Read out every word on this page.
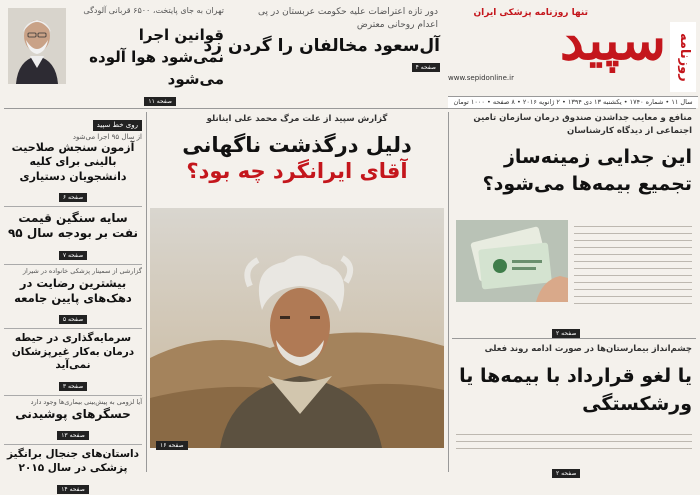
روزنامه
سپید
تنها روزنامه پزشکی ایران
www.sepidonline.ir
سال ۱۱ • شماره ۱۷۴۰ • یکشنبه ۱۳ دی ۱۳۹۴ • ۲ ژانویه ۲۰۱۶ • ۸ صفحه • ۱۰۰۰ تومان
دور تازه اعتراضات علیه حکومت عربستان در پی اعدام روحانی معترض
آل‌سعود مخالفان را گردن زد
صفحه ۴
تهران به جای پایتخت، ۶۵۰۰ قربانی آلودگی
قوانین اجرا نمی‌شود هوا آلوده می‌شود
صفحه ۱۱
منافع و معایب جداشدن صندوق درمان سازمان تامین اجتماعی از دیدگاه کارشناسان
این جدایی زمینه‌ساز تجمیع بیمه‌ها می‌شود؟
صفحه ۲
چشم‌انداز بیمارستان‌ها در صورت ادامه روند فعلی
یا لغو قرارداد با بیمه‌ها یا ورشکستگی
صفحه ۲
گزارش سپید از علت مرگ محمد علی اینانلو
دلیل درگذشت ناگهانی
آقای ایرانگرد چه بود؟
صفحه ۱۶
روی خط سپید
از سال ۹۵ اجرا می‌شود
آزمون سنجش صلاحیت بالینی برای کلیه دانشجویان دستیاری
صفحه ۶
سایه سنگین قیمت نفت بر بودجه سال ۹۵
صفحه ۷
گزارشی از سمینار پزشکی خانواده در شیراز
بیشترین رضایت در دهک‌های پایین جامعه
صفحه ۵
سرمایه‌گذاری در حیطه درمان به‌کار غیرپزشکان نمی‌آید
صفحه ۳
آیا لزومی به پیش‌بینی بیماری‌ها وجود دارد
حسگرهای پوشیدنی
صفحه ۱۳
داستان‌های جنجال برانگیز پزشکی در سال ۲۰۱۵
صفحه ۱۴
